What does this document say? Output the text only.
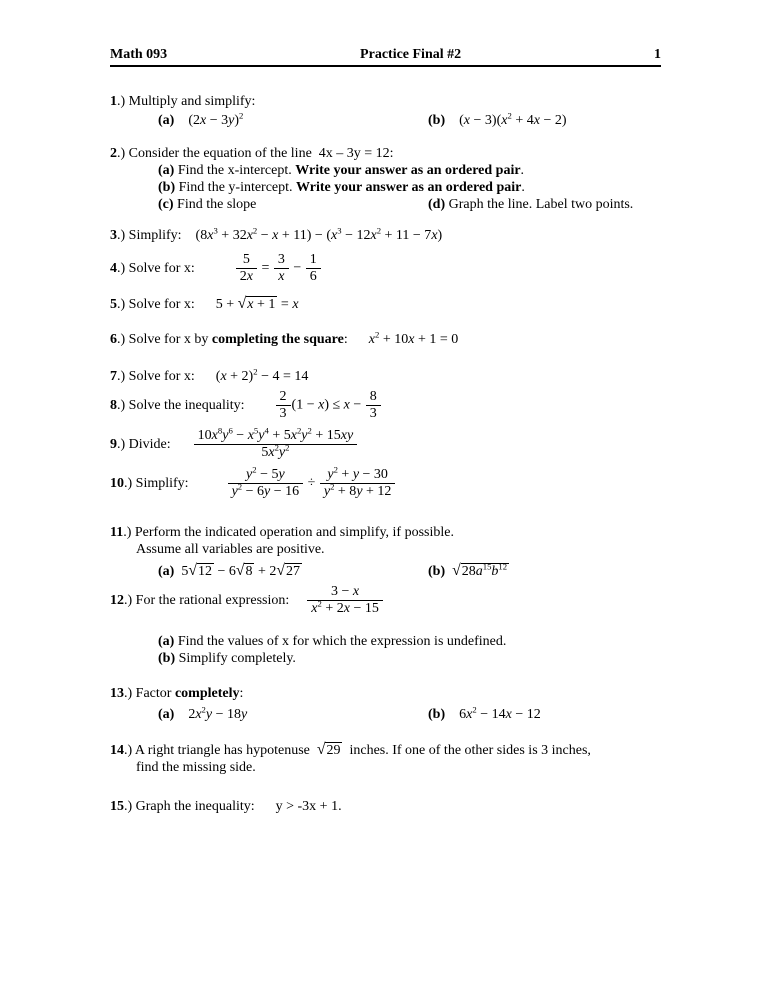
Math 093	Practice Final #2	1
1.) Multiply and simplify:
(a) $(2x - 3y)^2$	(b) $(x - 3)(x^2 + 4x - 2)$
2.) Consider the equation of the line 4x – 3y = 12:
(a) Find the x-intercept. Write your answer as an ordered pair.
(b) Find the y-intercept. Write your answer as an ordered pair.
(c) Find the slope	(d) Graph the line. Label two points.
3.) Simplify: $(8x^3 + 32x^2 - x + 11) - (x^3 - 12x^2 + 11 - 7x)$
4.) Solve for x:	$\frac{5}{2x} = \frac{3}{x} - \frac{1}{6}$
5.) Solve for x:  5 + √x + 1 = x
6.) Solve for x by completing the square:  $x^2 + 10x + 1 = 0$
7.) Solve for x:  $(x + 2)^2 - 4 = 14$
8.) Solve the inequality: $\frac{2}{3} (1 - x) \le x - \frac{8}{3}$
9.) Divide: $\frac{10x^8y^6 - x^5y^4 + 5x^2y^2 + 15xy}{5x^2y^2}$
10.) Simplify:	$\frac{y^2 - 5y}{y^2 - 6y - 16} \div \frac{y^2 + y - 30}{y^2 + 8y + 12}$
11.) Perform the indicated operation and simplify, if possible.
Assume all variables are positive.
(a) 5√12 − 6√8 + 2√27	(b)  $√28a^{15}b^{12}$
12.) For the rational expression: $\frac{3 - x}{x^2 + 2x - 15}$
(a) Find the values of x for which the expression is undefined.
(b) Simplify completely.
13.) Factor completely:
(a) $2x^2y - 18y$	(b) $6x^2 - 14x - 12$
14.) A right triangle has hypotenuse √29 inches. If one of the other sides is 3 inches,
find the missing side.
15.) Graph the inequality:  y > -3x + 1.
